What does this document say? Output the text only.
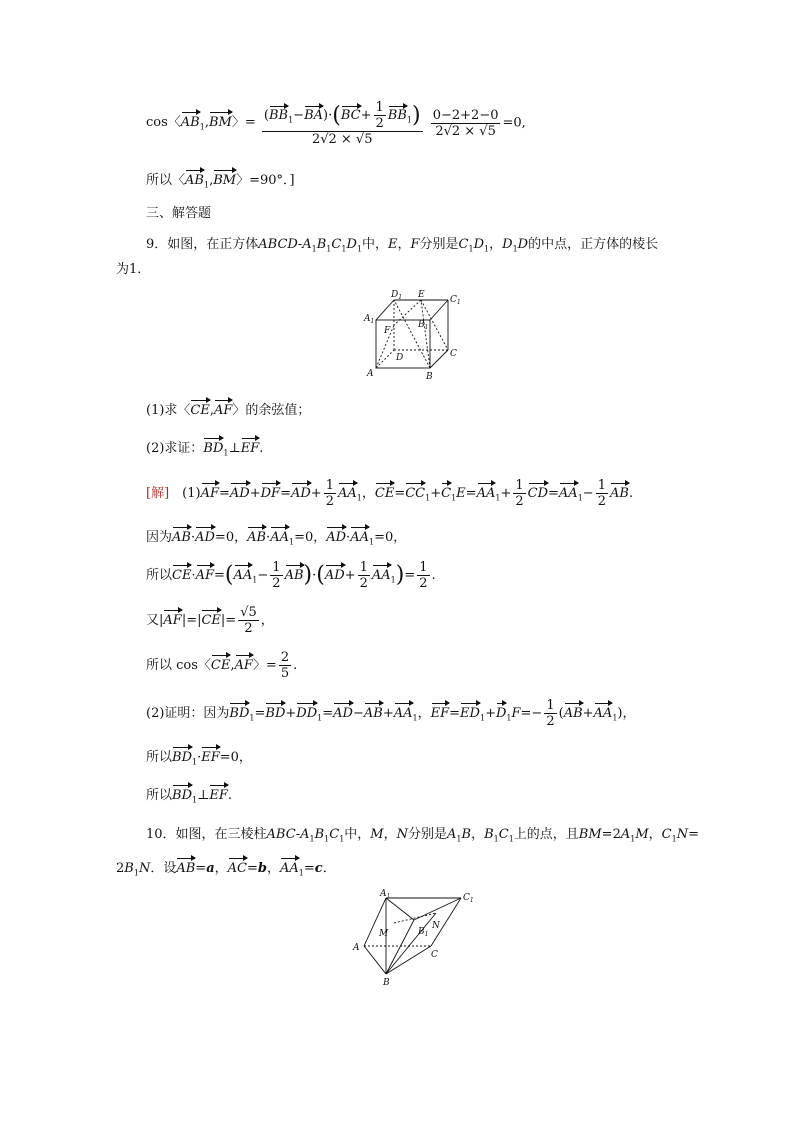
cos〈$AB_1,BM$〉= $\frac{(BB_1-BA)\cdot(BC+ \frac{1}{2} BB_1)}{2√2 \times √5}$
$\frac{0-2+2-0}{2√2 \times √5} =0$,
所以〈$AB_1,BM$〉=90°．]
三、解答题
9．如图，在正方体ABCD-$A_1B_1C_1D_1$中，E，F分别是$C_1D_1$，$D_1D$的中点，正方体的棱长
为1．
$D_1$ E	$C_1$
$A_1$	$B_1$
F
D	C
A	B
(1)求〈CE,AF〉的余弦值；
(2)求证：$BD_1\perp EF$.
[解]　$(1)AF=AD+DF=AD+ \frac{1}{2} AA_1$，$CE=CC_1+C_1E=AA_1+ \frac{1}{2} CD=AA_1- \frac{1}{2}$ AB.
因为AB·AD=0，$AB\cdot AA_1=0$，$AD\cdot AA_1=0$，
所以$CE\cdot AF=(AA_1- \frac{1}{2} AB)\cdot(AD+ \frac{1}{2} AA_1)= \frac{1}{2}$ .
又$|AF|=|CE|= \frac{√5}{2}$ ，
所以 cos〈CE,AF〉= $\frac{2}{5}$ .
(2)证明：因为$BD_1=BD+DD_1=AD-AB+AA_1$，$EF=ED_1+D_1F=- \frac{1}{2} (AB+AA_1)$，
所以$BD_1\cdot EF=0$，
所以$BD_1\perp EF$.
10．如图，在三棱柱ABC-$A_1B_1C_1$中，M，N分别是$A_1B$，$B_1C_1$上的点，且$BM=2A_1M$，$C_1N=$
$2B_1N$．设AB=a，AC=b，$AA_1=c$．
$A_1$	$C_1$
M
N
$B_1$
A
C
B
